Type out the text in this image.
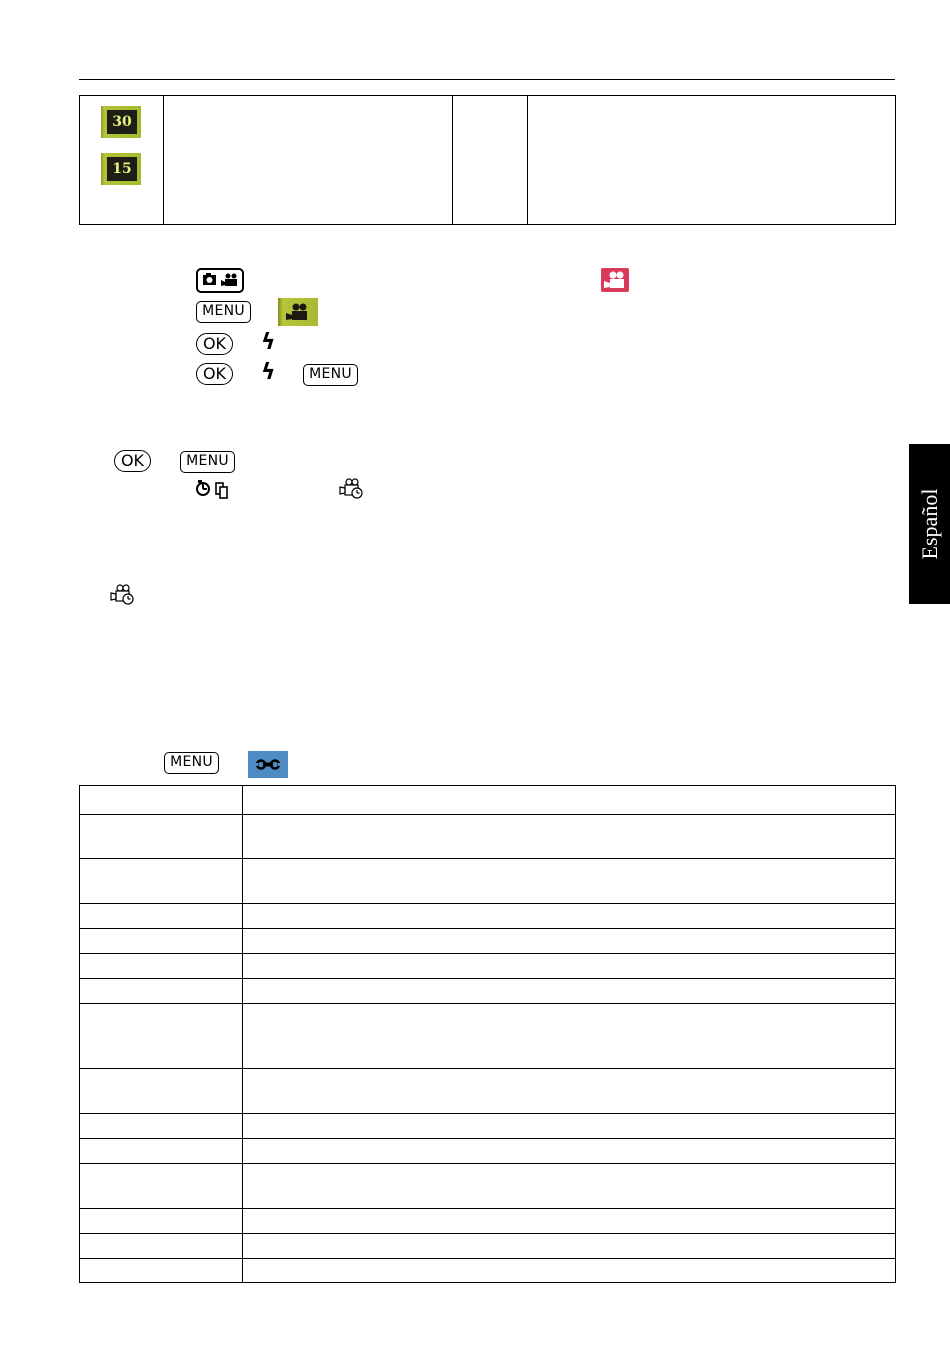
30
15
MENU
OK	ϟ
OK	ϟ	MENU
OK	MENU
Español
MENU
